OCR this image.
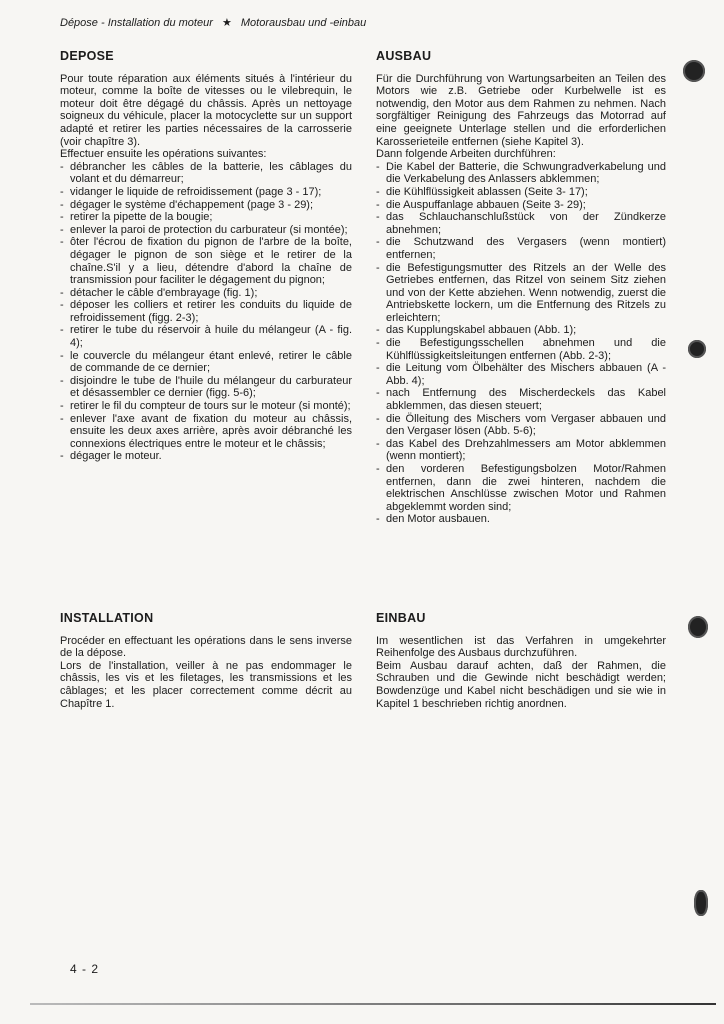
Dépose - Installation du moteur ★ Motorausbau und -einbau
DEPOSE

Pour toute réparation aux éléments situés à l'intérieur du moteur, comme la boîte de vitesses ou le vilebrequin, le moteur doit être dégagé du châssis. Après un nettoyage soigneux du véhicule, placer la motocyclette sur un support adapté et retirer les parties nécessaires de la carrosserie (voir chapître 3).

Effectuer ensuite les opérations suivantes:

- débrancher les câbles de la batterie, les câblages du volant et du démarreur;
- vidanger le liquide de refroidissement (page 3 - 17);
- dégager le système d'échappement (page 3 - 29);
- retirer la pipette de la bougie;
- enlever la paroi de protection du carburateur (si montée);
- ôter l'écrou de fixation du pignon de l'arbre de la boîte, dégager le pignon de son siège et le retirer de la chaîne.S'il y a lieu, détendre d'abord la chaîne de transmission pour faciliter le dégagement du pignon;
- détacher le câble d'embrayage (fig. 1);
- déposer les colliers et retirer les conduits du liquide de refroidissement (figg. 2-3);
- retirer le tube du réservoir à huile du mélangeur (A - fig. 4);
- le couvercle du mélangeur étant enlevé, retirer le câble de commande de ce dernier;
- disjoindre le tube de l'huile du mélangeur du carburateur et désassembler ce dernier (figg. 5-6);
- retirer le fil du compteur de tours sur le moteur (si monté);
- enlever l'axe avant de fixation du moteur au châssis, ensuite les deux axes arrière, après avoir débranché les connexions électriques entre le moteur et le châssis;
- dégager le moteur.
AUSBAU

Für die Durchführung von Wartungsarbeiten an Teilen des Motors wie z.B. Getriebe oder Kurbelwelle ist es notwendig, den Motor aus dem Rahmen zu nehmen. Nach sorgfältiger Reinigung des Fahrzeugs das Motorrad auf eine geeignete Unterlage stellen und die erforderlichen Karosserieteile entfernen (siehe Kapitel 3).

Dann folgende Arbeiten durchführen:

- Die Kabel der Batterie, die Schwungradverkabelung und die Verkabelung des Anlassers abklemmen;
- die Kühlflüssigkeit ablassen (Seite 3- 17);
- die Auspuffanlage abbauen (Seite 3- 29);
- das Schlauchanschlußstück von der Zündkerze abnehmen;
- die Schutzwand des Vergasers (wenn montiert) entfernen;
- die Befestigungsmutter des Ritzels an der Welle des Getriebes entfernen, das Ritzel von seinem Sitz ziehen und von der Kette abziehen. Wenn notwendig, zuerst die Antriebskette lockern, um die Entfernung des Ritzels zu erleichtern;
- das Kupplungskabel abbauen (Abb. 1);
- die Befestigungsschellen abnehmen und die Kühlflüssigkeitsleitungen entfernen (Abb. 2-3);
- die Leitung vom Ölbehälter des Mischers abbauen (A - Abb. 4);
- nach Entfernung des Mischerdeckels das Kabel abklemmen, das diesen steuert;
- die Ölleitung des Mischers vom Vergaser abbauen und den Vergaser lösen (Abb. 5-6);
- das Kabel des Drehzahlmessers am Motor abklemmen (wenn montiert);
- den vorderen Befestigungsbolzen Motor/Rahmen entfernen, dann die zwei hinteren, nachdem die elektrischen Anschlüsse zwischen Motor und Rahmen abgeklemmt worden sind;
- den Motor ausbauen.
INSTALLATION

Procéder en effectuant les opérations dans le sens inverse de la dépose.

Lors de l'installation, veiller à ne pas endommager le châssis, les vis et les filetages, les transmissions et les câblages; et les placer correctement comme décrit au Chapître 1.

EINBAU

Im wesentlichen ist das Verfahren in umgekehrter Reihenfolge des Ausbaus durchzuführen.

Beim Ausbau darauf achten, daß der Rahmen, die Schrauben und die Gewinde nicht beschädigt werden; Bowdenzüge und Kabel nicht beschädigen und sie wie in Kapitel 1 beschrieben richtig anordnen.

4 - 2
